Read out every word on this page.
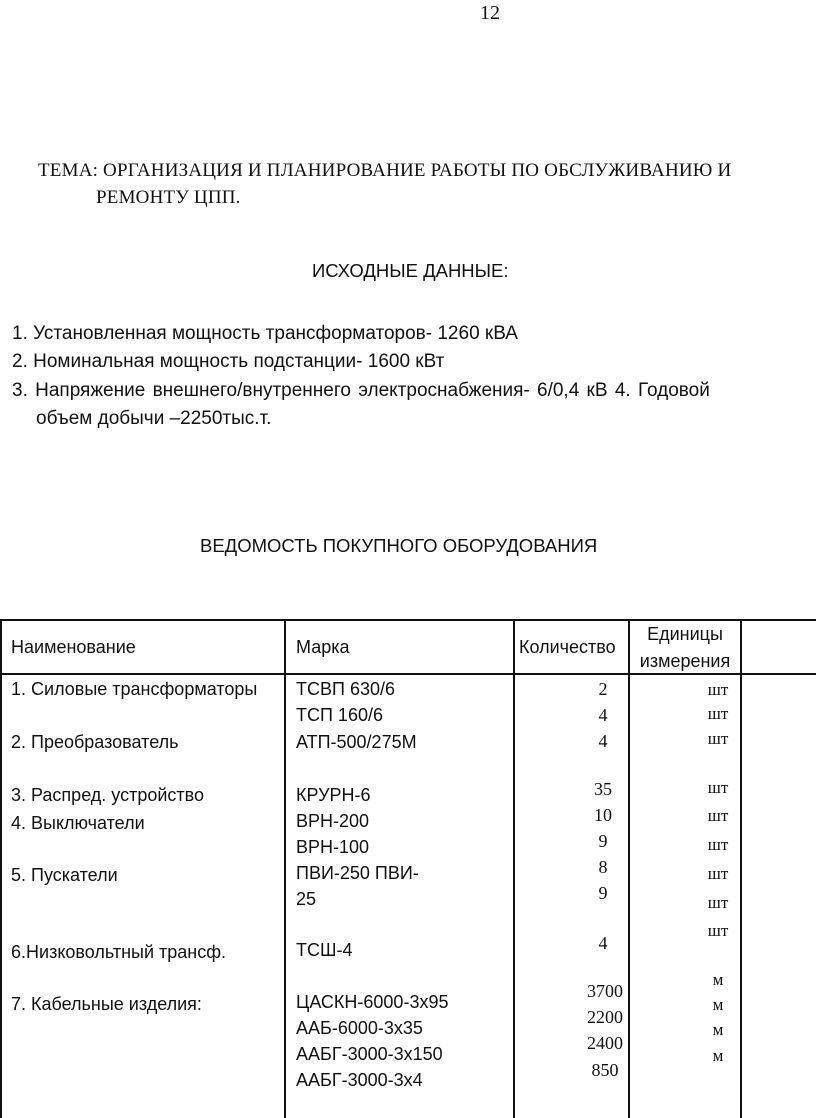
12
ТЕМА: ОРГАНИЗАЦИЯ И ПЛАНИРОВАНИЕ РАБОТЫ ПО ОБСЛУЖИВАНИЮ И
РЕМОНТУ ЦПП.
ИСХОДНЫЕ ДАННЫЕ:
1. Установленная мощность трансформаторов- 1260 кВА
2. Номинальная мощность подстанции- 1600 кВт
3. Напряжение внешнего/внутреннего электроснабжения- 6/0,4 кВ 4. Годовой
объем добычи –2250тыс.т.
ВЕДОМОСТЬ ПОКУПНОГО ОБОРУДОВАНИЯ
Наименование	Марка	Количество
Единицы
измерения
1. Силовые трансформаторы
2. Преобразователь
3. Распред. устройство
4. Выключатели
5. Пускатели
6.Низковольтный трансф.
7. Кабельные изделия:
ТСВП 630/6
ТСП 160/6
АТП-500/275М
КРУРН-6
ВРН-200
ВРН-100
ПВИ-250 ПВИ-
25
ТСШ-4
ЦАСКН-6000-3х95
ААБ-6000-3х35
ААБГ-3000-3х150
ААБГ-3000-3х4
2
4
4
35
10
9
8
9
4
3700
2200
2400
850
шт
шт
шт
шт
шт
шт
шт
шт
шт
м
м
м
м
